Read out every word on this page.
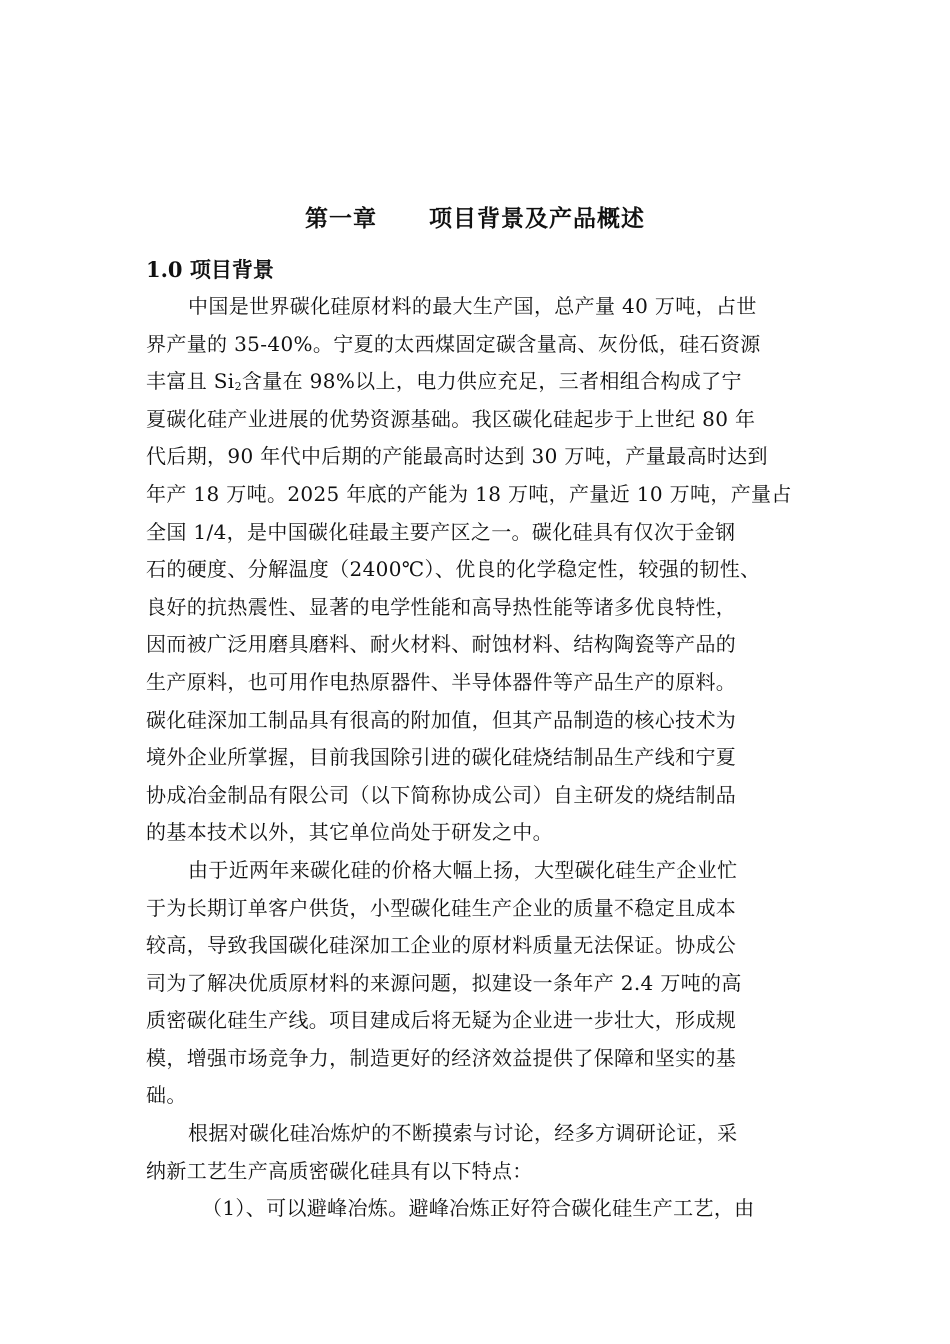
第一章 项目背景及产品概述
1.0 项目背景
中国是世界碳化硅原材料的最大生产国，总产量 40 万吨，占世
界产量的 35-40%。宁夏的太西煤固定碳含量高、灰份低，硅石资源
丰富且 $Si_2$含量在 98%以上，电力供应充足，三者相组合构成了宁
夏碳化硅产业进展的优势资源基础。我区碳化硅起步于上世纪 80 年
代后期，90 年代中后期的产能最高时达到 30 万吨，产量最高时达到
年产 18 万吨。2025 年底的产能为 18 万吨，产量近 10 万吨，产量占
全国 1/4，是中国碳化硅最主要产区之一。碳化硅具有仅次于金钢
石的硬度、分解温度（2400℃）、优良的化学稳定性，较强的韧性、
良好的抗热震性、显著的电学性能和高导热性能等诸多优良特性，
因而被广泛用磨具磨料、耐火材料、耐蚀材料、结构陶瓷等产品的
生产原料，也可用作电热原器件、半导体器件等产品生产的原料。
碳化硅深加工制品具有很高的附加值，但其产品制造的核心技术为
境外企业所掌握，目前我国除引进的碳化硅烧结制品生产线和宁夏
协成冶金制品有限公司（以下简称协成公司）自主研发的烧结制品
的基本技术以外，其它单位尚处于研发之中。
由于近两年来碳化硅的价格大幅上扬，大型碳化硅生产企业忙
于为长期订单客户供货，小型碳化硅生产企业的质量不稳定且成本
较高，导致我国碳化硅深加工企业的原材料质量无法保证。协成公
司为了解决优质原材料的来源问题，拟建设一条年产 2.4 万吨的高
质密碳化硅生产线。项目建成后将无疑为企业进一步壮大，形成规
模，增强市场竞争力，制造更好的经济效益提供了保障和坚实的基
础。
根据对碳化硅冶炼炉的不断摸索与讨论，经多方调研论证，采
纳新工艺生产高质密碳化硅具有以下特点：
（1）、可以避峰冶炼。避峰冶炼正好符合碳化硅生产工艺，由
